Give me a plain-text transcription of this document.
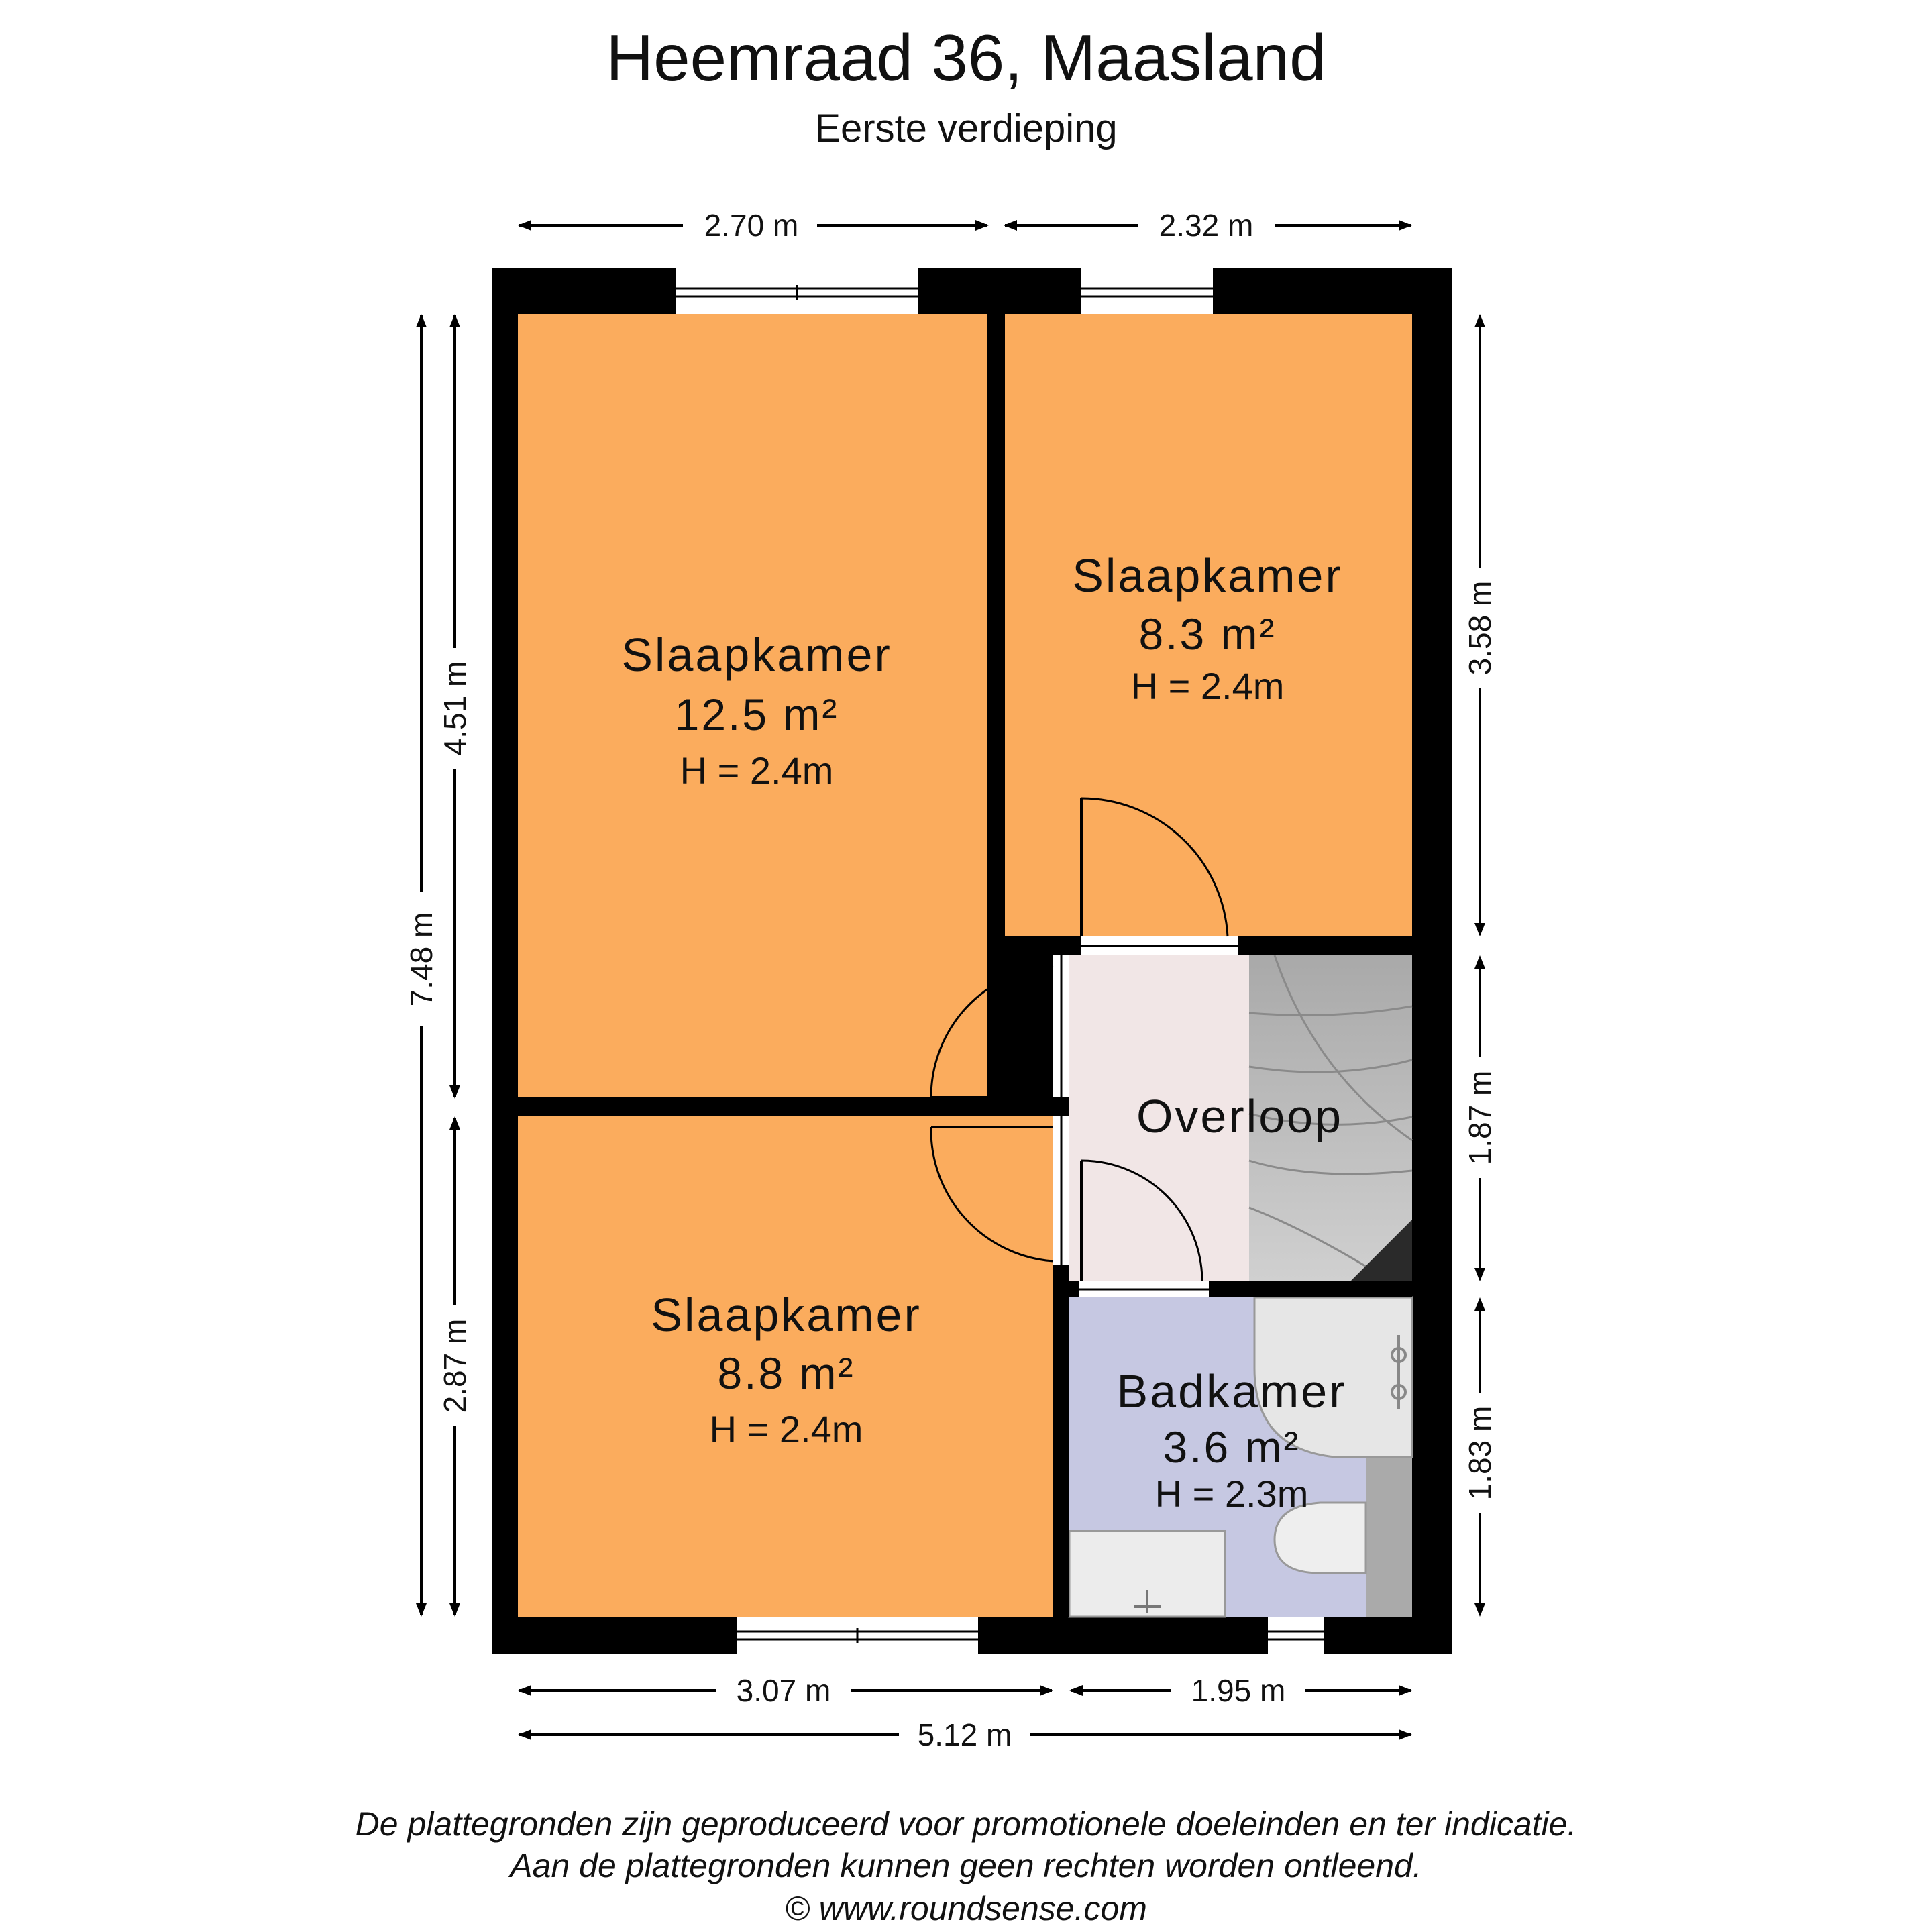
Heemraad 36, Maasland
Eerste verdieping
Slaapkamer
12.5 m²
H = 2.4m
Slaapkamer
8.3 m²
H = 2.4m
Slaapkamer
8.8 m²
H = 2.4m
Overloop
Badkamer
3.6 m²
H = 2.3m
2.70 m	2.32 m
3.07 m	1.95 m
5.12 m
7.48 m
4.51 m
2.87 m
3.58 m
1.87 m
1.83 m
De plattegronden zijn geproduceerd voor promotionele doeleinden en ter indicatie.
Aan de plattegronden kunnen geen rechten worden ontleend.
© www.roundsense.com
